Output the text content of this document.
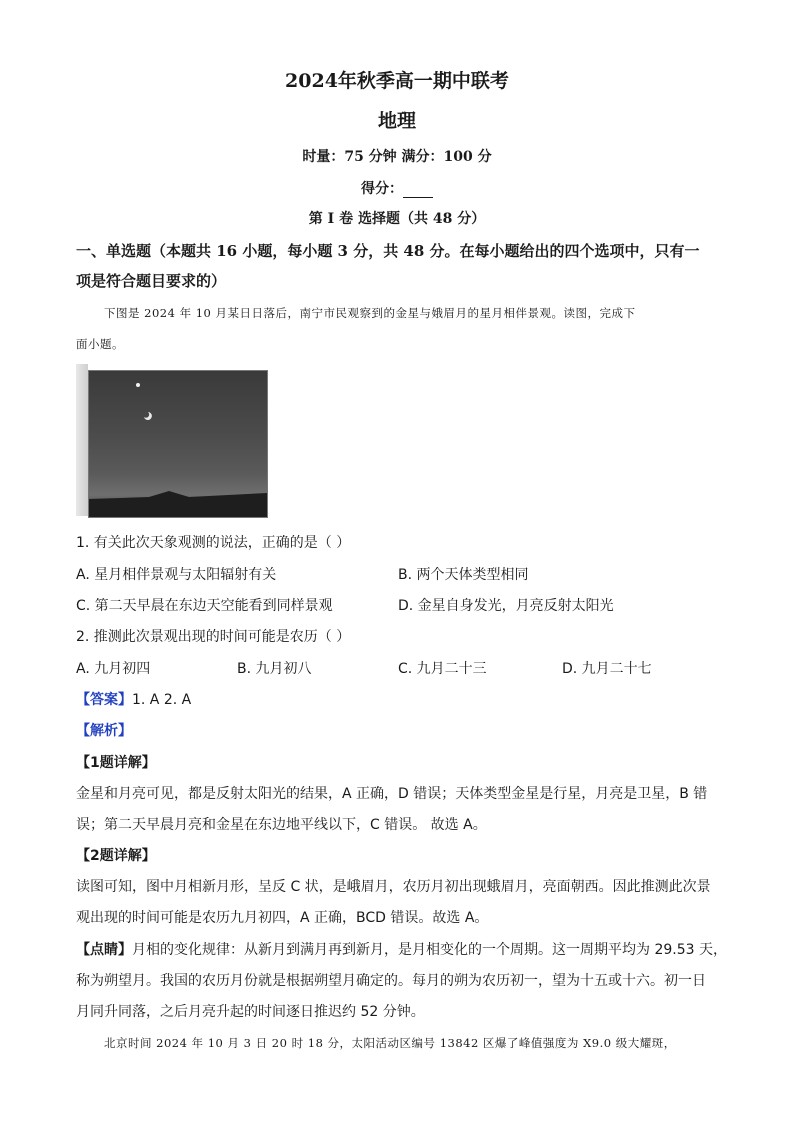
2024年秋季高一期中联考
地理
时量：75 分钟 满分：100 分
得分：
第 I 卷 选择题（共 48 分）
一、单选题（本题共 16 小题，每小题 3 分，共 48 分。在每小题给出的四个选项中，只有一
项是符合题目要求的）
下图是 2024 年 10 月某日日落后，南宁市民观察到的金星与娥眉月的星月相伴景观。读图，完成下
面小题。
1. 有关此次天象观测的说法，正确的是（ ）
A. 星月相伴景观与太阳辐射有关	B. 两个天体类型相同
C. 第二天早晨在东边天空能看到同样景观	D. 金星自身发光，月亮反射太阳光
2. 推测此次景观出现的时间可能是农历（ ）
A. 九月初四	B. 九月初八	C. 九月二十三	D. 九月二十七
【答案】1. A 2. A
【解析】
【1题详解】
金星和月亮可见，都是反射太阳光的结果，A 正确，D 错误；天体类型金星是行星，月亮是卫星，B 错
误；第二天早晨月亮和金星在东边地平线以下，C 错误。 故选 A。
【2题详解】
读图可知，图中月相新月形，呈反 C 状，是峨眉月，农历月初出现蛾眉月，亮面朝西。因此推测此次景
观出现的时间可能是农历九月初四，A 正确，BCD 错误。故选 A。
【点睛】月相的变化规律：从新月到满月再到新月，是月相变化的一个周期。这一周期平均为 29.53 天，
称为朔望月。我国的农历月份就是根据朔望月确定的。每月的朔为农历初一，望为十五或十六。初一日
月同升同落，之后月亮升起的时间逐日推迟约 52 分钟。
北京时间 2024 年 10 月 3 日 20 时 18 分，太阳活动区编号 13842 区爆了峰值强度为 X9.0 级大耀斑，
